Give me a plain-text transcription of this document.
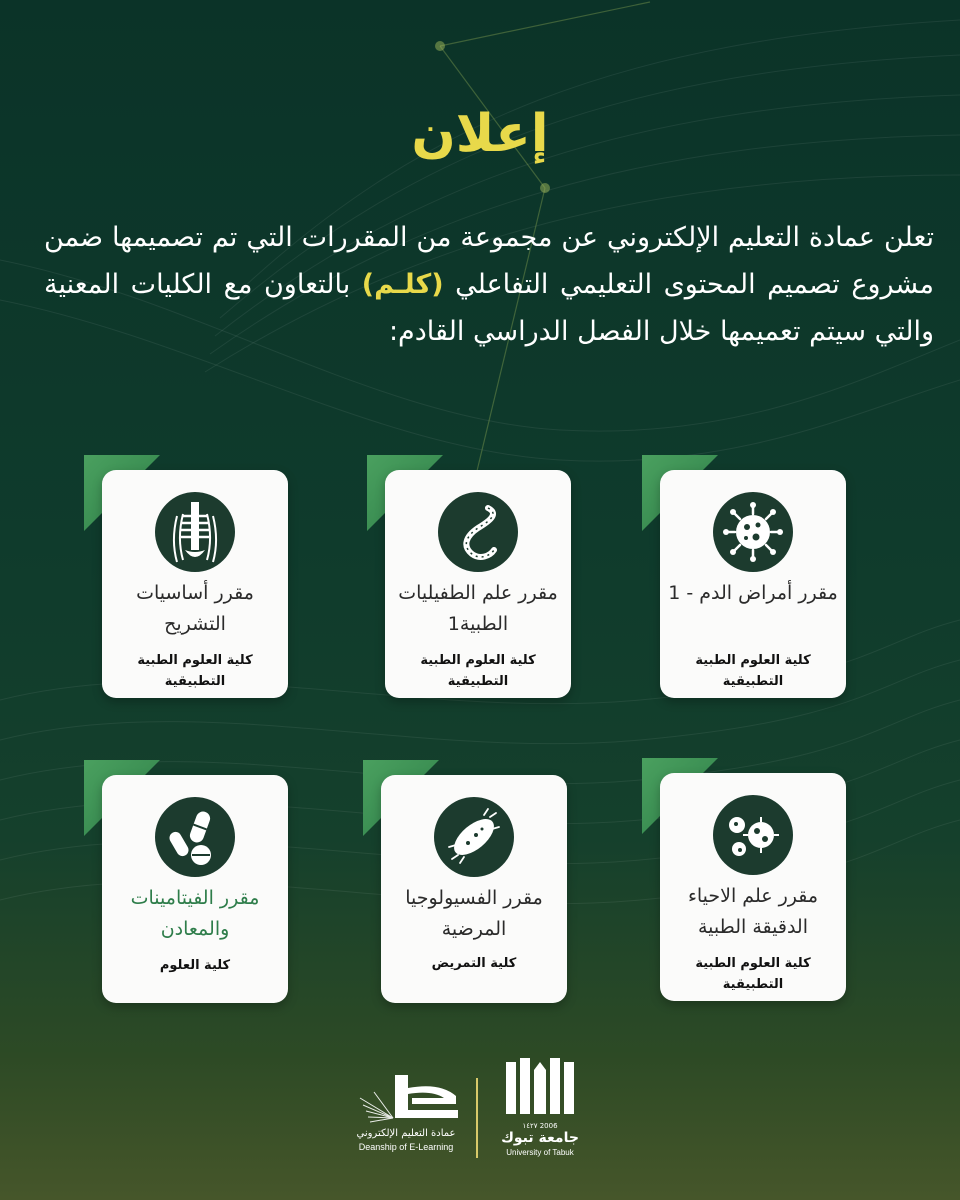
إعلان

تعلن عمادة التعليم الإلكتروني عن مجموعة من المقررات التي تم تصميمها ضمن مشروع تصميم المحتوى التعليمي التفاعلي (كلـم) بالتعاون مع الكليات المعنية والتي سيتم تعميمها خلال الفصل الدراسي القادم:

مقرر أمراض الدم - 1

كلية العلوم الطبية التطبيقية

مقرر علم الطفيليات الطبية1

كلية العلوم الطبية التطبيقية

مقرر أساسيات التشريح

كلية العلوم الطبية التطبيقية

مقرر علم الاحياء الدقيقة الطبية

كلية العلوم الطبية التطبيقية

مقرر الفسيولوجيا المرضية

كلية التمريض

مقرر الفيتامينات والمعادن

كلية العلوم

عمادة التعليم الإلكتروني

Deanship of E-Learning

١٤٢٧ 2006

جامعة تبوك

University of Tabuk
